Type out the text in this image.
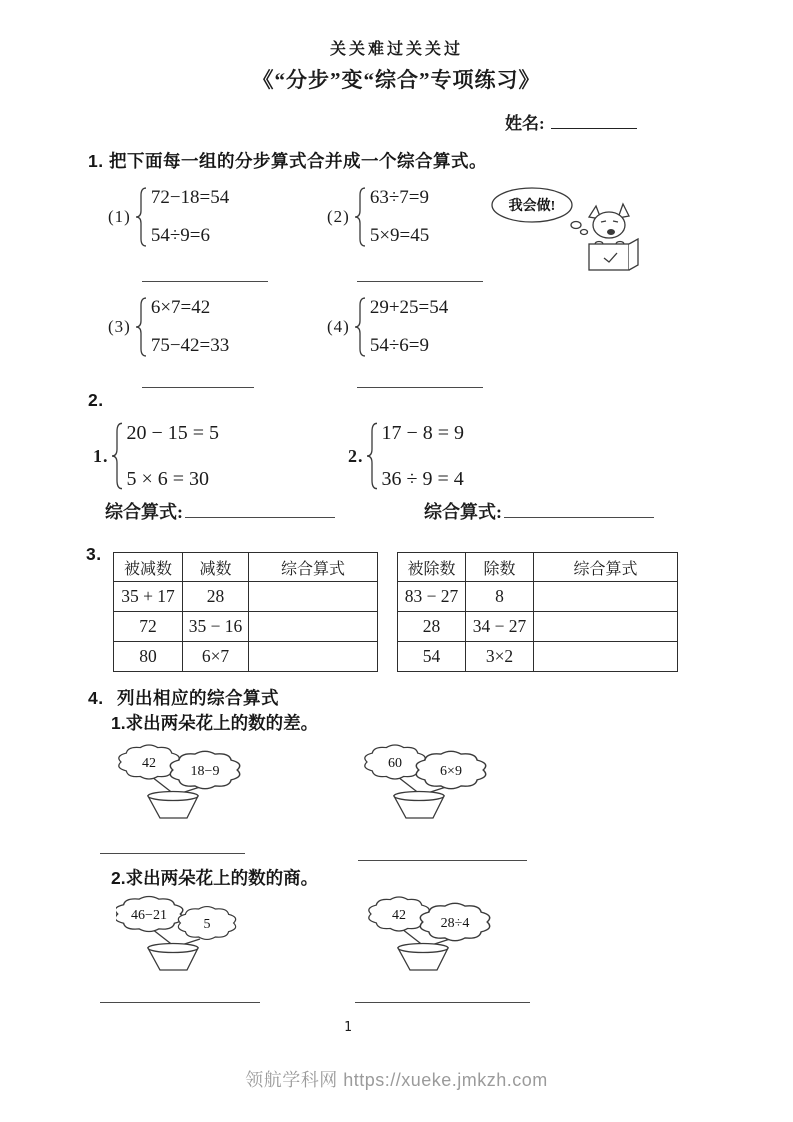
关关难过关关过
《“分步”变“综合”专项练习》
姓名:
1. 把下面每一组的分步算式合并成一个综合算式。
(1)
72−18=54
54÷9=6
(2)
63÷7=9
5×9=45
我会做!
(3)
6×7=42
75−42=33
(4)
29+25=54
54÷6=9
2.
1.
20 − 15 = 5
5 × 6 = 30
2.
17 − 8 = 9
36 ÷ 9 = 4
综合算式:	综合算式:
3.
被减数	减数	综合算式
35 + 17	28	
72	35 − 16	
80	6×7	
被除数	除数	综合算式
83 − 27	8	
28	34 − 27	
54	3×2	
4. 列出相应的综合算式
1.求出两朵花上的数的差。
42
18−9
60
6×9
2.求出两朵花上的数的商。
46−21
5
42
28÷4
1
领航学科网 https://xueke.jmkzh.com
